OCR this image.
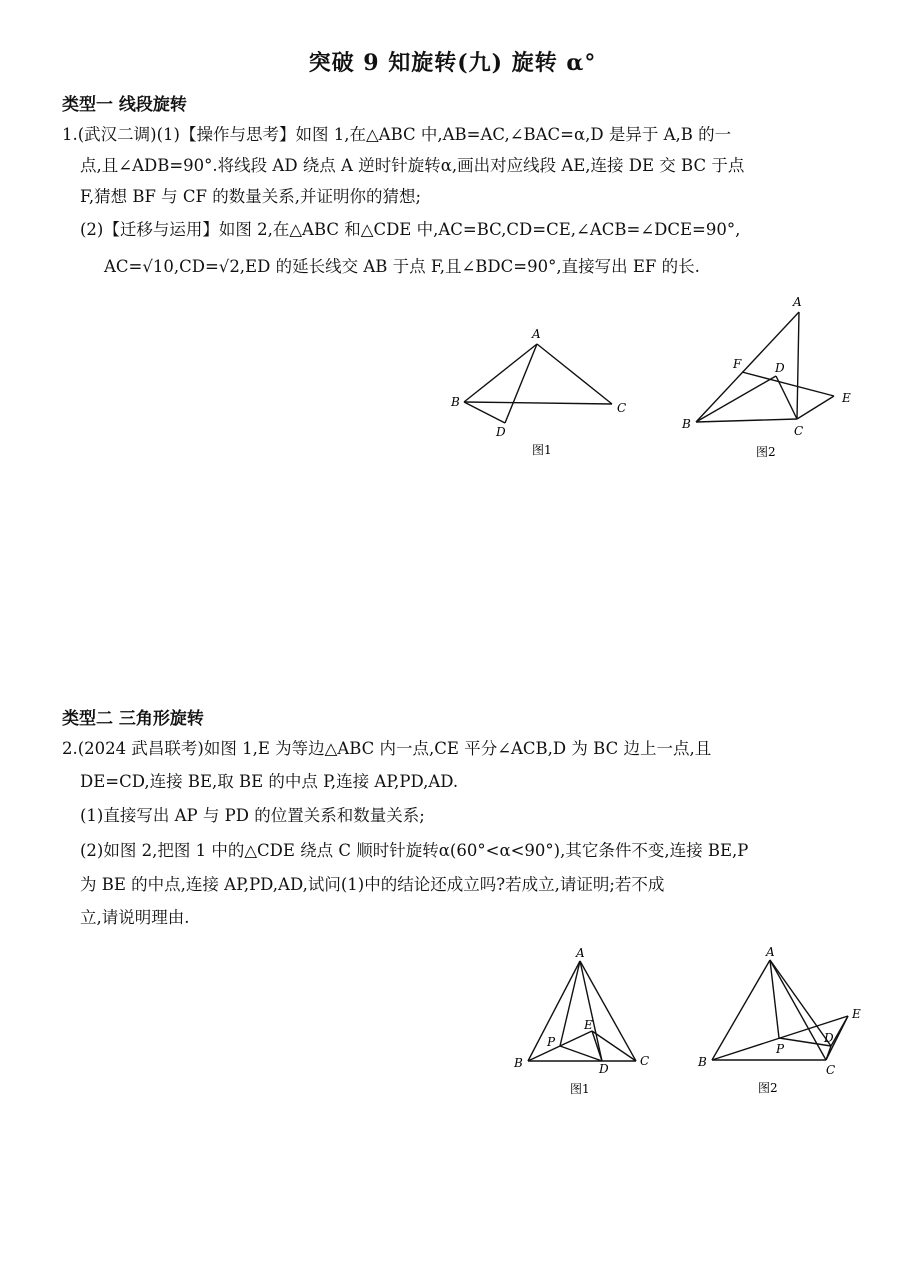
突破 9 知旋转(九) 旋转 α°
类型一 线段旋转
1.(武汉二调)(1)【操作与思考】如图 1,在△ABC 中,AB=AC,∠BAC=α,D 是异于 A,B 的一
点,且∠ADB=90°.将线段 AD 绕点 A 逆时针旋转α,画出对应线段 AE,连接 DE 交 BC 于点
F,猜想 BF 与 CF 的数量关系,并证明你的猜想;
(2)【迁移与运用】如图 2,在△ABC 和△CDE 中,AC=BC,CD=CE,∠ACB=∠DCE=90°,
AC=√10,CD=√2,ED 的延长线交 AB 于点 F,且∠BDC=90°,直接写出 EF 的长.
A
B	C
D
图1
A
B	C
D
E
F
图2
类型二 三角形旋转
2.(2024 武昌联考)如图 1,E 为等边△ABC 内一点,CE 平分∠ACB,D 为 BC 边上一点,且
DE=CD,连接 BE,取 BE 的中点 P,连接 AP,PD,AD.
(1)直接写出 AP 与 PD 的位置关系和数量关系;
(2)如图 2,把图 1 中的△CDE 绕点 C 顺时针旋转α(60°<α<90°),其它条件不变,连接 BE,P
为 BE 的中点,连接 AP,PD,AD,试问(1)中的结论还成立吗?若成立,请证明;若不成
立,请说明理由.
A
B	C
D
E
P
图1
A
B
C
D
E
P
图2
